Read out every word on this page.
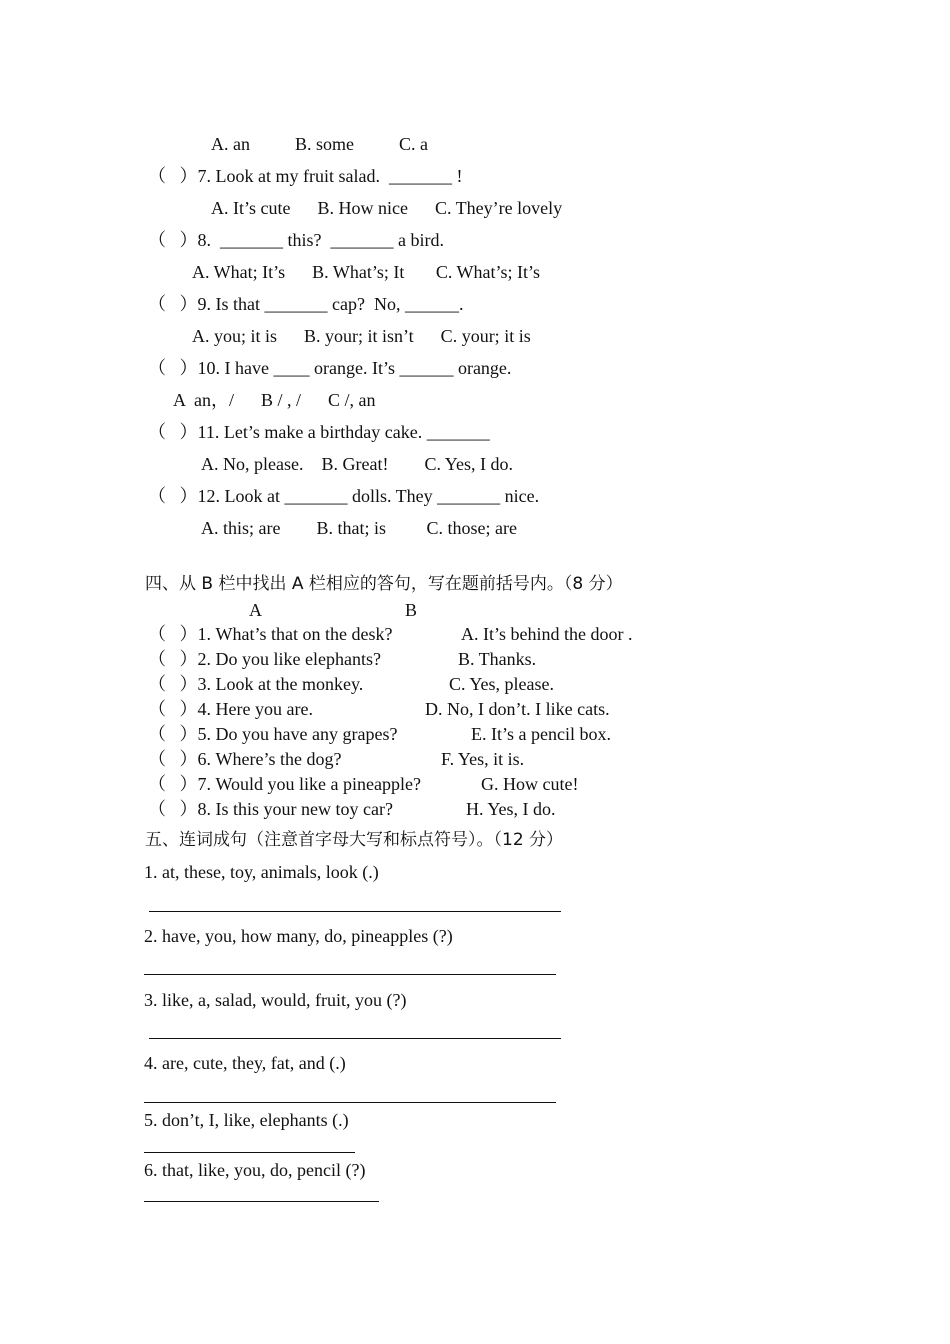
A. an          B. some          C. a
（   ）7. Look at my fruit salad.  _______ !
A. It’s cute      B. How nice      C. They’re lovely
（   ）8.  _______ this?  _______ a bird.
A. What; It’s      B. What’s; It       C. What’s; It’s
（   ）9. Is that _______ cap?  No, ______.
A. you; it is      B. your; it isn’t      C. your; it is
（   ）10. I have ____ orange. It’s ______ orange.
A  an，/      B / , /      C /, an
（   ）11. Let’s make a birthday cake. _______
A. No, please.    B. Great!        C. Yes, I do.
（   ）12. Look at _______ dolls. They _______ nice.
A. this; are        B. that; is         C. those; are
四、从 B 栏中找出 A 栏相应的答句，写在题前括号内。（8 分）
A	B
（   ）1. What’s that on the desk?
（   ）2. Do you like elephants?
（   ）3. Look at the monkey.
（   ）4. Here you are.
（   ）5. Do you have any grapes?
（   ）6. Where’s the dog?
（   ）7. Would you like a pineapple?
（   ）8. Is this your new toy car?
A. It’s behind the door .
B. Thanks.
C. Yes, please.
D. No, I don’t. I like cats.
E. It’s a pencil box.
F. Yes, it is.
G. How cute!
H. Yes, I do.
五、连词成句（注意首字母大写和标点符号）。（12 分）
1. at, these, toy, animals, look (.)
2. have, you, how many, do, pineapples (?)
3. like, a, salad, would, fruit, you (?)
4. are, cute, they, fat, and (.)
5. don’t, I, like, elephants (.)
6. that, like, you, do, pencil (?)
